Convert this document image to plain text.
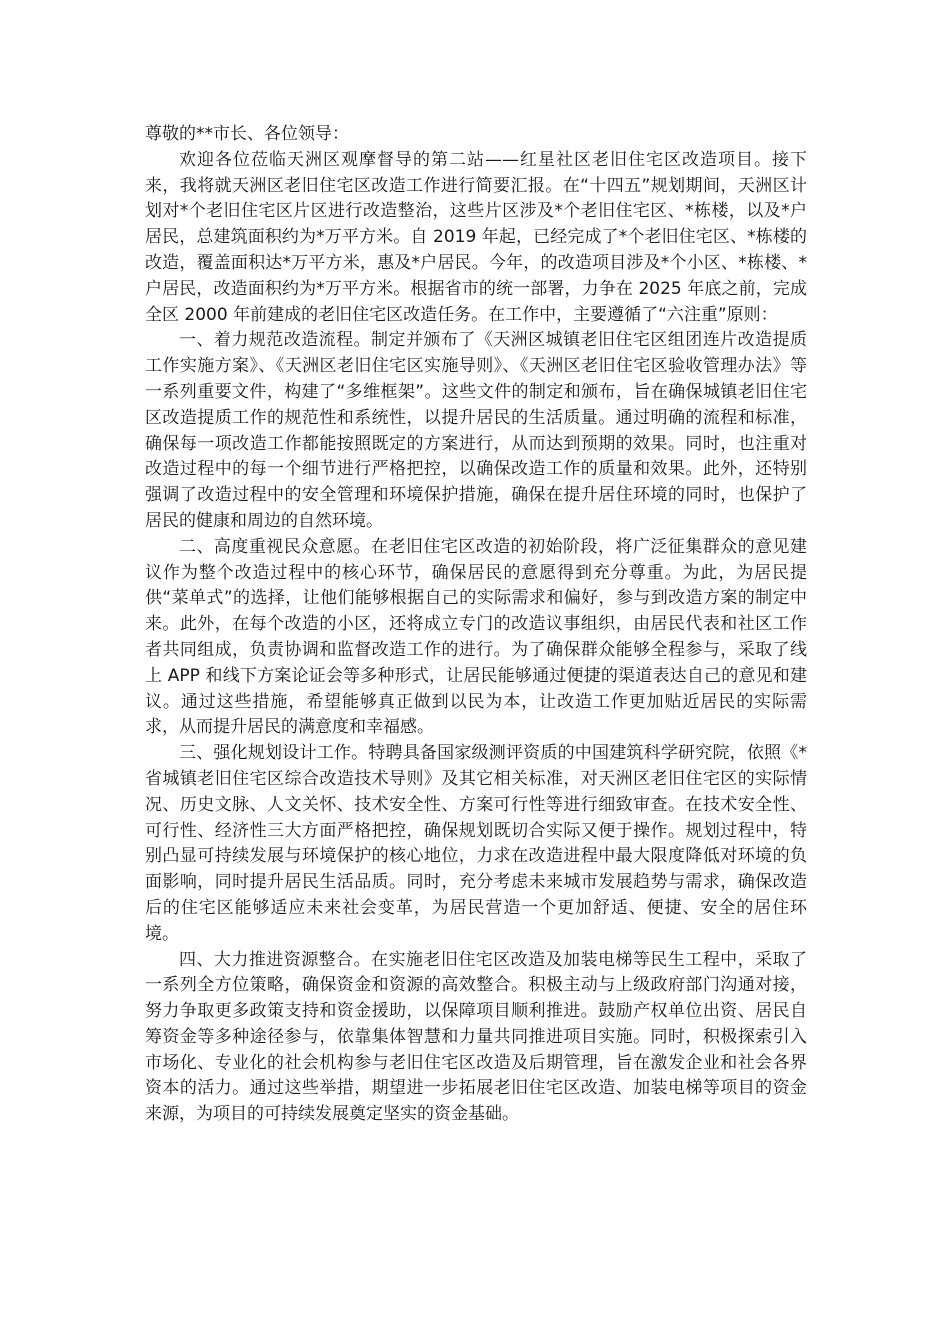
尊敬的**市长、各位领导：

欢迎各位莅临天洲区观摩督导的第二站——红星社区老旧住宅区改造项目。接下来，我将就天洲区老旧住宅区改造工作进行简要汇报。在“十四五”规划期间，天洲区计划对*个老旧住宅区片区进行改造整治，这些片区涉及*个老旧住宅区、*栋楼，以及*户居民，总建筑面积约为*万平方米。自 2019 年起，已经完成了*个老旧住宅区、*栋楼的改造，覆盖面积达*万平方米，惠及*户居民。今年，的改造项目涉及*个小区、*栋楼、*户居民，改造面积约为*万平方米。根据省市的统一部署，力争在 2025 年底之前，完成全区 2000 年前建成的老旧住宅区改造任务。在工作中，主要遵循了“六注重”原则：

一、着力规范改造流程。制定并颁布了《天洲区城镇老旧住宅区组团连片改造提质工作实施方案》、《天洲区老旧住宅区实施导则》、《天洲区老旧住宅区验收管理办法》等一系列重要文件，构建了“多维框架”。这些文件的制定和颁布，旨在确保城镇老旧住宅区改造提质工作的规范性和系统性，以提升居民的生活质量。通过明确的流程和标准，确保每一项改造工作都能按照既定的方案进行，从而达到预期的效果。同时，也注重对改造过程中的每一个细节进行严格把控，以确保改造工作的质量和效果。此外，还特别强调了改造过程中的安全管理和环境保护措施，确保在提升居住环境的同时，也保护了居民的健康和周边的自然环境。

二、高度重视民众意愿。在老旧住宅区改造的初始阶段，将广泛征集群众的意见建议作为整个改造过程中的核心环节，确保居民的意愿得到充分尊重。为此，为居民提供“菜单式”的选择，让他们能够根据自己的实际需求和偏好，参与到改造方案的制定中来。此外，在每个改造的小区，还将成立专门的改造议事组织，由居民代表和社区工作者共同组成，负责协调和监督改造工作的进行。为了确保群众能够全程参与，采取了线上 APP 和线下方案论证会等多种形式，让居民能够通过便捷的渠道表达自己的意见和建议。通过这些措施，希望能够真正做到以民为本，让改造工作更加贴近居民的实际需求，从而提升居民的满意度和幸福感。

三、强化规划设计工作。特聘具备国家级测评资质的中国建筑科学研究院，依照《*省城镇老旧住宅区综合改造技术导则》及其它相关标准，对天洲区老旧住宅区的实际情况、历史文脉、人文关怀、技术安全性、方案可行性等进行细致审查。在技术安全性、可行性、经济性三大方面严格把控，确保规划既切合实际又便于操作。规划过程中，特别凸显可持续发展与环境保护的核心地位，力求在改造进程中最大限度降低对环境的负面影响，同时提升居民生活品质。同时，充分考虑未来城市发展趋势与需求，确保改造后的住宅区能够适应未来社会变革，为居民营造一个更加舒适、便捷、安全的居住环境。

四、大力推进资源整合。在实施老旧住宅区改造及加装电梯等民生工程中，采取了一系列全方位策略，确保资金和资源的高效整合。积极主动与上级政府部门沟通对接，努力争取更多政策支持和资金援助，以保障项目顺利推进。鼓励产权单位出资、居民自筹资金等多种途径参与，依靠集体智慧和力量共同推进项目实施。同时，积极探索引入市场化、专业化的社会机构参与老旧住宅区改造及后期管理，旨在激发企业和社会各界资本的活力。通过这些举措，期望进一步拓展老旧住宅区改造、加装电梯等项目的资金来源，为项目的可持续发展奠定坚实的资金基础。
